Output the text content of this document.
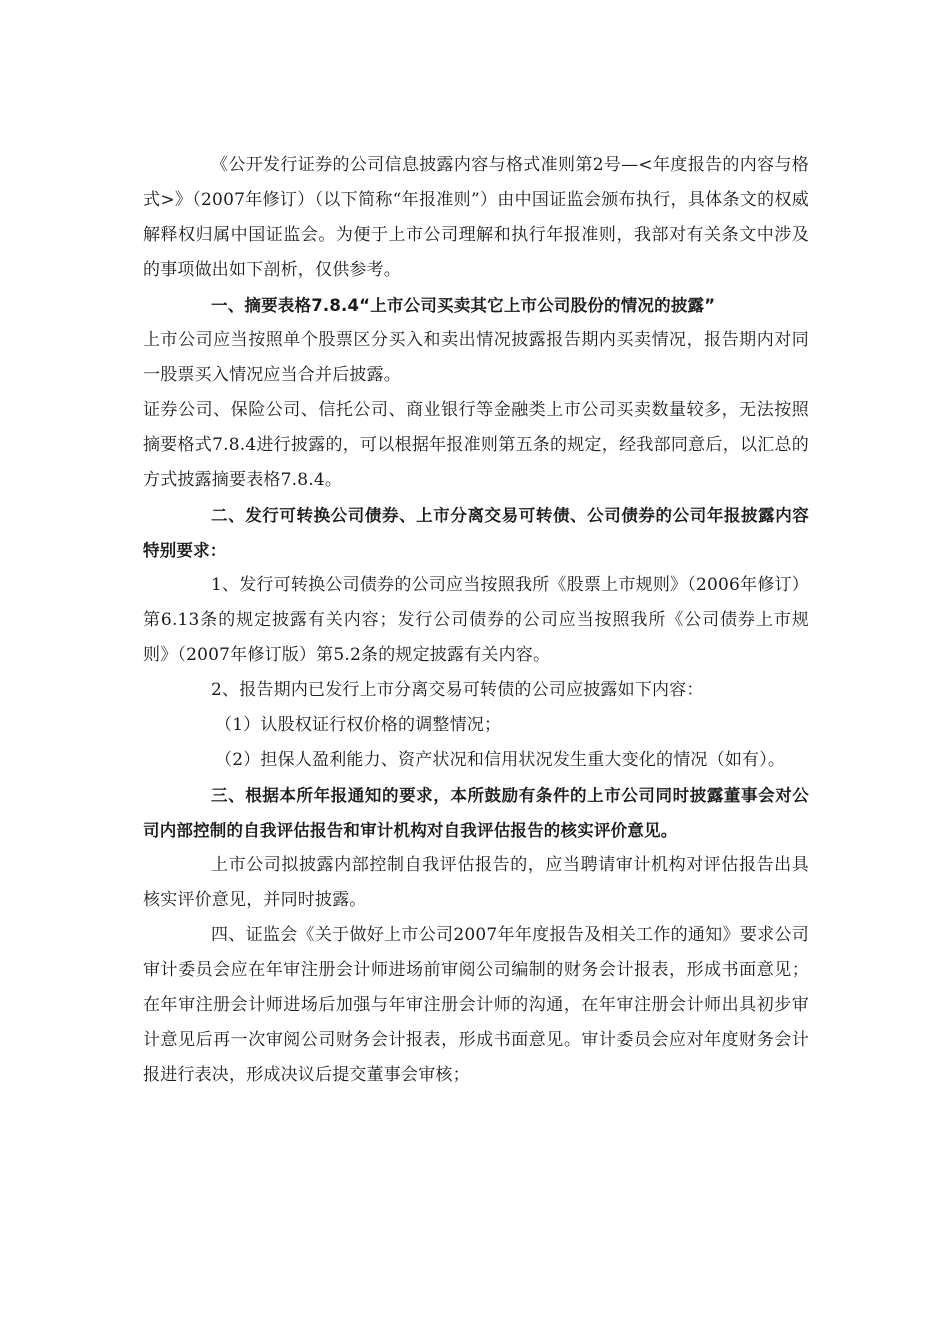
《公开发行证券的公司信息披露内容与格式准则第2号—<年度报告的内容与格式>》（2007年修订）（以下简称“年报准则”）由中国证监会颁布执行，具体条文的权威解释权归属中国证监会。为便于上市公司理解和执行年报准则，我部对有关条文中涉及的事项做出如下剖析，仅供参考。

一、摘要表格7.8.4“上市公司买卖其它上市公司股份的情况的披露”

上市公司应当按照单个股票区分买入和卖出情况披露报告期内买卖情况，报告期内对同一股票买入情况应当合并后披露。

证券公司、保险公司、信托公司、商业银行等金融类上市公司买卖数量较多，无法按照摘要格式7.8.4进行披露的，可以根据年报准则第五条的规定，经我部同意后，以汇总的方式披露摘要表格7.8.4。

二、发行可转换公司债券、上市分离交易可转债、公司债券的公司年报披露内容特别要求：

1、发行可转换公司债券的公司应当按照我所《股票上市规则》（2006年修订）第6.13条的规定披露有关内容；发行公司债券的公司应当按照我所《公司债券上市规则》（2007年修订版）第5.2条的规定披露有关内容。

2、报告期内已发行上市分离交易可转债的公司应披露如下内容：

（1）认股权证行权价格的调整情况；

（2）担保人盈利能力、资产状况和信用状况发生重大变化的情况（如有）。

三、根据本所年报通知的要求，本所鼓励有条件的上市公司同时披露董事会对公司内部控制的自我评估报告和审计机构对自我评估报告的核实评价意见。

上市公司拟披露内部控制自我评估报告的，应当聘请审计机构对评估报告出具核实评价意见，并同时披露。

四、证监会《关于做好上市公司2007年年度报告及相关工作的通知》要求公司审计委员会应在年审注册会计师进场前审阅公司编制的财务会计报表，形成书面意见；在年审注册会计师进场后加强与年审注册会计师的沟通，在年审注册会计师出具初步审计意见后再一次审阅公司财务会计报表，形成书面意见。审计委员会应对年度财务会计报进行表决，形成决议后提交董事会审核；
